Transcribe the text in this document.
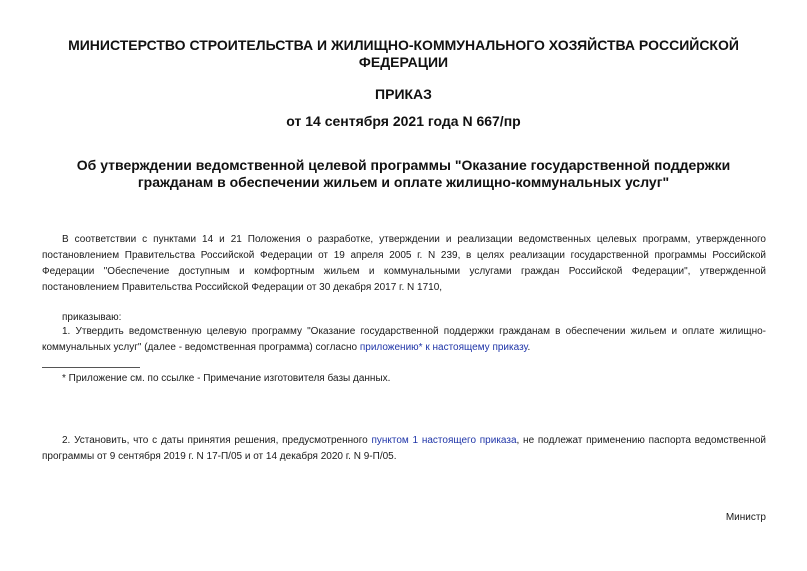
МИНИСТЕРСТВО СТРОИТЕЛЬСТВА И ЖИЛИЩНО-КОММУНАЛЬНОГО ХОЗЯЙСТВА РОССИЙСКОЙ ФЕДЕРАЦИИ
ПРИКАЗ
от 14 сентября 2021 года N 667/пр
Об утверждении ведомственной целевой программы "Оказание государственной поддержки гражданам в обеспечении жильем и оплате жилищно-коммунальных услуг"
В соответствии с пунктами 14 и 21 Положения о разработке, утверждении и реализации ведомственных целевых программ, утвержденного постановлением Правительства Российской Федерации от 19 апреля 2005 г. N 239, в целях реализации государственной программы Российской Федерации "Обеспечение доступным и комфортным жильем и коммунальными услугами граждан Российской Федерации", утвержденной постановлением Правительства Российской Федерации от 30 декабря 2017 г. N 1710,
приказываю:
1. Утвердить ведомственную целевую программу "Оказание государственной поддержки гражданам в обеспечении жильем и оплате жилищно-коммунальных услуг" (далее - ведомственная программа) согласно приложению* к настоящему приказу.
* Приложение см. по ссылке - Примечание изготовителя базы данных.
2. Установить, что с даты принятия решения, предусмотренного пунктом 1 настоящего приказа, не подлежат применению паспорта ведомственной программы от 9 сентября 2019 г. N 17-П/05 и от 14 декабря 2020 г. N 9-П/05.
Министр
